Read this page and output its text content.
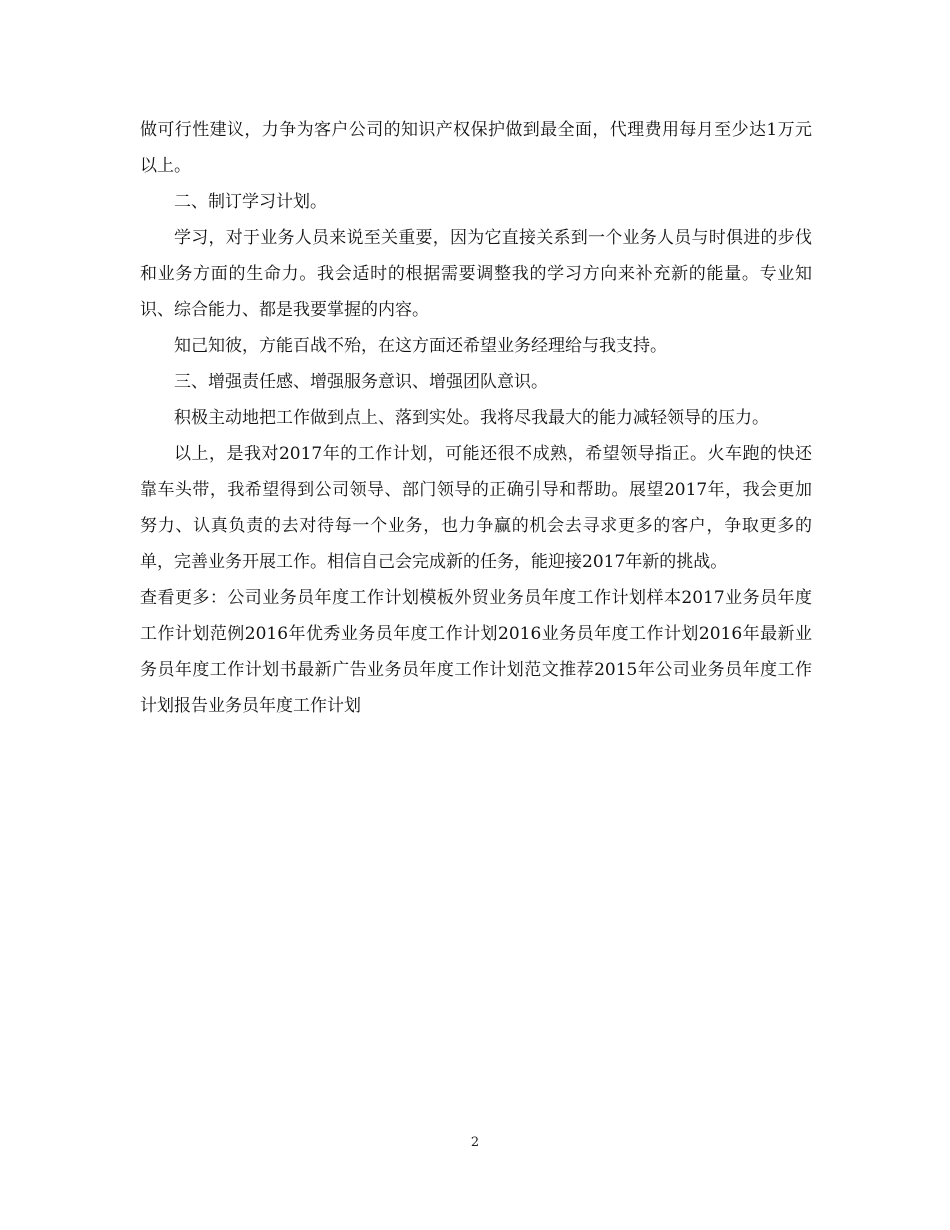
做可行性建议，力争为客户公司的知识产权保护做到最全面，代理费用每月至少达1万元以上。

二、制订学习计划。

学习，对于业务人员来说至关重要，因为它直接关系到一个业务人员与时俱进的步伐和业务方面的生命力。我会适时的根据需要调整我的学习方向来补充新的能量。专业知识、综合能力、都是我要掌握的内容。

知己知彼，方能百战不殆，在这方面还希望业务经理给与我支持。

三、增强责任感、增强服务意识、增强团队意识。

积极主动地把工作做到点上、落到实处。我将尽我最大的能力减轻领导的压力。

以上，是我对2017年的工作计划，可能还很不成熟，希望领导指正。火车跑的快还靠车头带，我希望得到公司领导、部门领导的正确引导和帮助。展望2017年，我会更加努力、认真负责的去对待每一个业务，也力争赢的机会去寻求更多的客户，争取更多的单，完善业务开展工作。相信自己会完成新的任务，能迎接2017年新的挑战。

查看更多：公司业务员年度工作计划模板外贸业务员年度工作计划样本2017业务员年度工作计划范例2016年优秀业务员年度工作计划2016业务员年度工作计划2016年最新业务员年度工作计划书最新广告业务员年度工作计划范文推荐2015年公司业务员年度工作计划报告业务员年度工作计划

2
